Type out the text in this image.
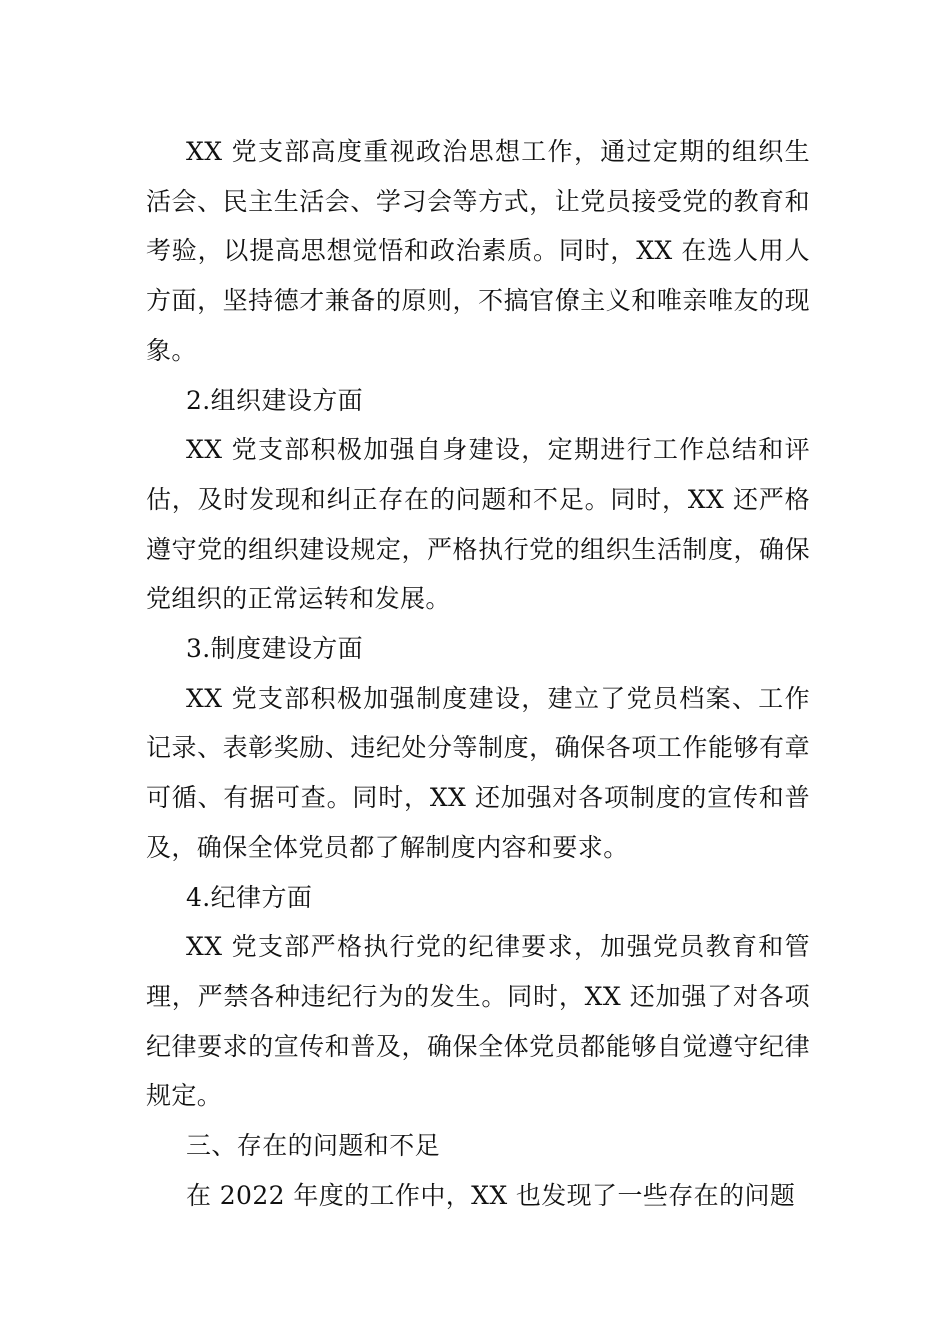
XX 党支部高度重视政治思想工作，通过定期的组织生活会、民主生活会、学习会等方式，让党员接受党的教育和考验，以提高思想觉悟和政治素质。同时，XX 在选人用人方面，坚持德才兼备的原则，不搞官僚主义和唯亲唯友的现象。

2.组织建设方面

XX 党支部积极加强自身建设，定期进行工作总结和评估，及时发现和纠正存在的问题和不足。同时，XX 还严格遵守党的组织建设规定，严格执行党的组织生活制度，确保党组织的正常运转和发展。

3.制度建设方面

XX 党支部积极加强制度建设，建立了党员档案、工作记录、表彰奖励、违纪处分等制度，确保各项工作能够有章可循、有据可查。同时，XX 还加强对各项制度的宣传和普及，确保全体党员都了解制度内容和要求。

4.纪律方面

XX 党支部严格执行党的纪律要求，加强党员教育和管理，严禁各种违纪行为的发生。同时，XX 还加强了对各项纪律要求的宣传和普及，确保全体党员都能够自觉遵守纪律规定。

三、存在的问题和不足

在 2022 年度的工作中，XX 也发现了一些存在的问题
